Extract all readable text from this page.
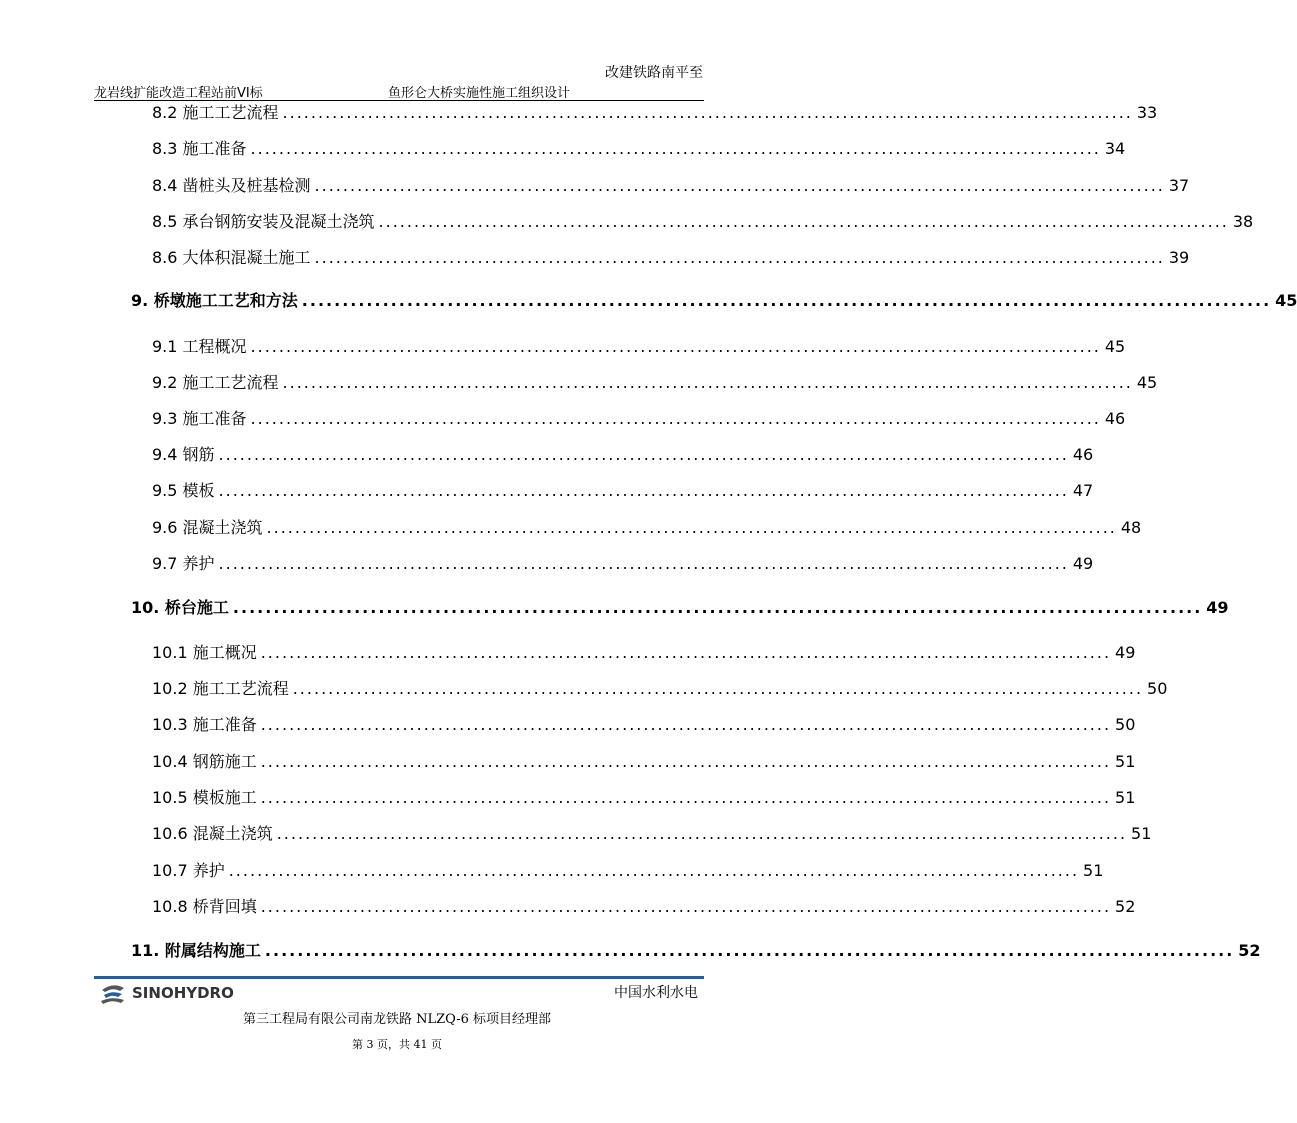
改建铁路南平至
龙岩线扩能改造工程站前VI标	鱼形仑大桥实施性施工组织设计
8.2 施工工艺流程 ........................................................................................................................ 33
8.3 施工准备 ........................................................................................................................ 34
8.4 凿桩头及桩基检测 ........................................................................................................................ 37
8.5 承台钢筋安装及混凝土浇筑 ........................................................................................................................ 38
8.6 大体积混凝土施工 ........................................................................................................................ 39
9. 桥墩施工工艺和方法 ........................................................................................................................ 45
9.1 工程概况 ........................................................................................................................ 45
9.2 施工工艺流程 ........................................................................................................................ 45
9.3 施工准备 ........................................................................................................................ 46
9.4 钢筋 ........................................................................................................................ 46
9.5 模板 ........................................................................................................................ 47
9.6 混凝土浇筑 ........................................................................................................................ 48
9.7 养护 ........................................................................................................................ 49
10. 桥台施工 ........................................................................................................................ 49
10.1 施工概况 ........................................................................................................................ 49
10.2 施工工艺流程 ........................................................................................................................ 50
10.3 施工准备 ........................................................................................................................ 50
10.4 钢筋施工 ........................................................................................................................ 51
10.5 模板施工 ........................................................................................................................ 51
10.6 混凝土浇筑 ........................................................................................................................ 51
10.7 养护 ........................................................................................................................ 51
10.8 桥背回填 ........................................................................................................................ 52
11. 附属结构施工 ........................................................................................................................ 52
SINOHYDRO	中国水利水电
第三工程局有限公司南龙铁路 NLZQ-6 标项目经理部
第 3 页，共 41 页
